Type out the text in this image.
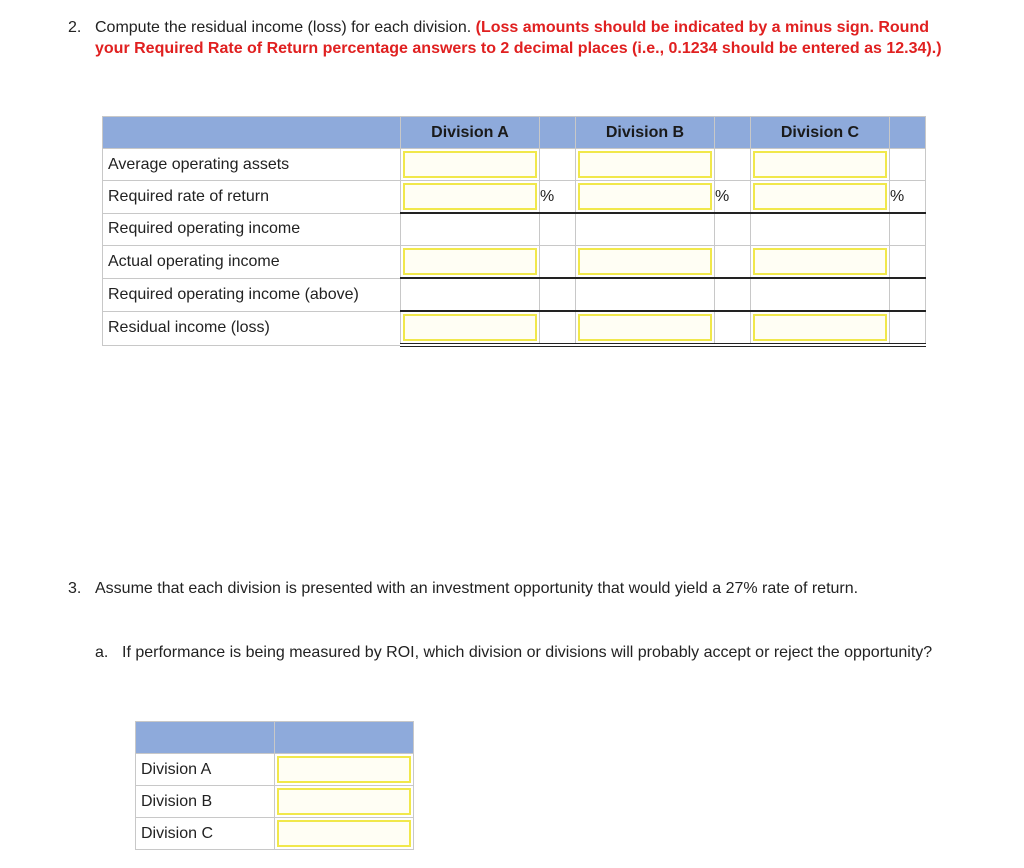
2. Compute the residual income (loss) for each division. (Loss amounts should be indicated by a minus sign. Round your Required Rate of Return percentage answers to 2 decimal places (i.e., 0.1234 should be entered as 12.34).)
	Division A		Division B		Division C	
Average operating assets	

Required rate of return		%		%		%
Required operating income						
Actual operating income	

Required operating income (above)						
Residual income (loss)	

3. Assume that each division is presented with an investment opportunity that would yield a 27% rate of return.
a. If performance is being measured by ROI, which division or divisions will probably accept or reject the opportunity?

Division A	

Division B	

Division C	
